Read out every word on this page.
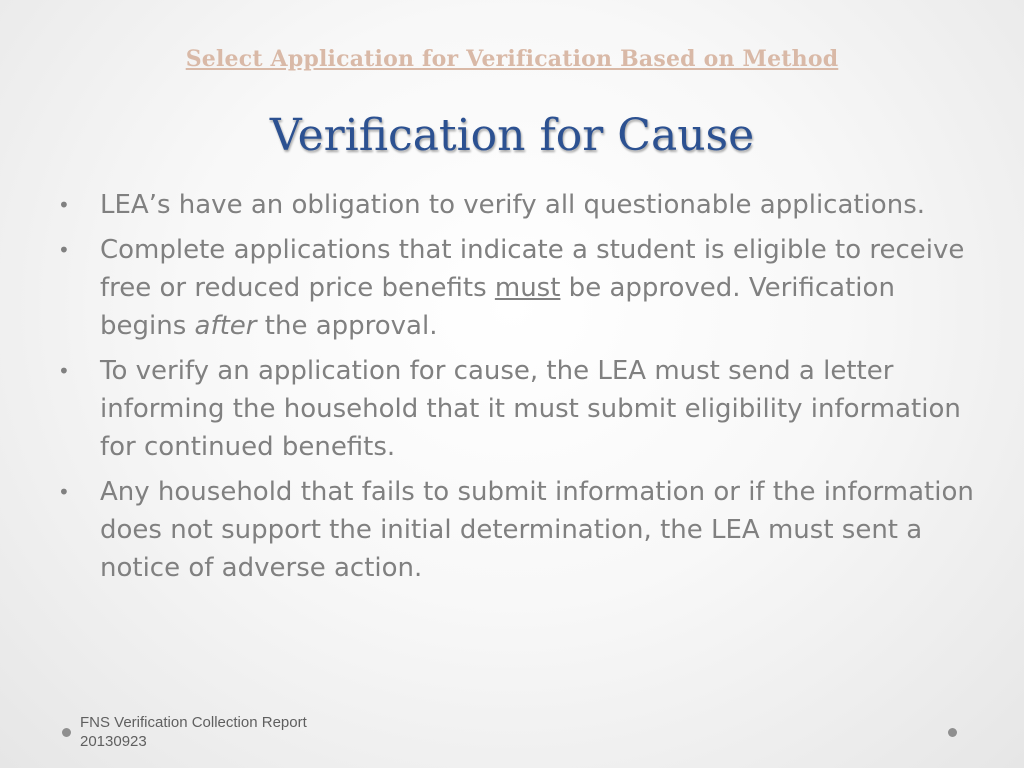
Select Application for Verification Based on Method
Verification for Cause
• LEA’s have an obligation to verify all questionable applications.
• Complete applications that indicate a student is eligible to receive free or reduced price benefits must be approved. Verification begins after the approval.
• To verify an application for cause, the LEA must send a letter informing the household that it must submit eligibility information for continued benefits.
• Any household that fails to submit information or if the information does not support the initial determination, the LEA must sent a notice of adverse action.
FNS Verification Collection Report
20130923
